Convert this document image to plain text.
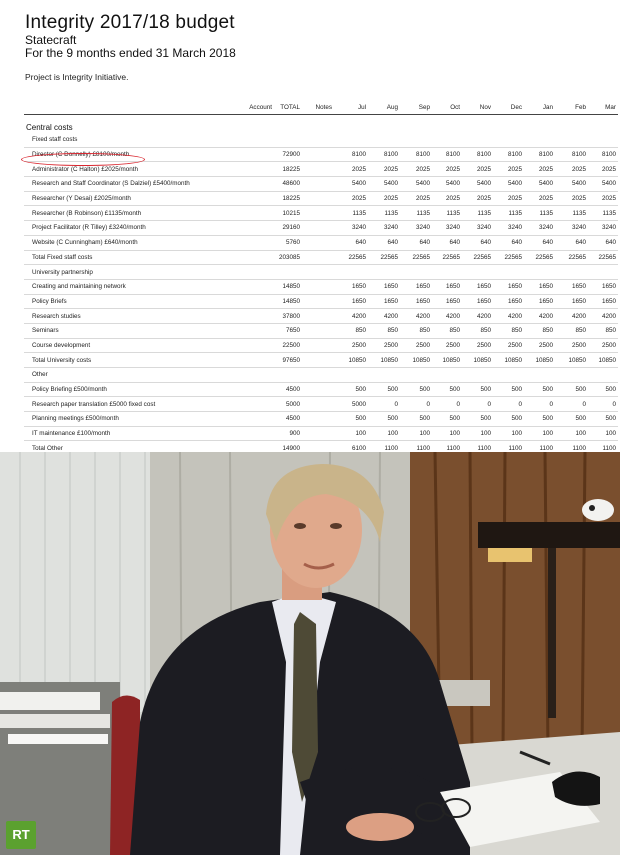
Integrity 2017/18 budget
Statecraft
For the 9 months ended 31 March 2018
Project is Integrity Initiative.
	Account	TOTAL	Notes	Jul	Aug	Sep	Oct	Nov	Dec	Jan	Feb	Mar
Central costs												
Fixed staff costs												
Director (C Donnelly) £8100/month		72900		8100	8100	8100	8100	8100	8100	8100	8100	8100
Administrator (C Halton) £2025/month		18225		2025	2025	2025	2025	2025	2025	2025	2025	2025
Research and Staff Coordinator (S Dalziel) £5400/month		48600		5400	5400	5400	5400	5400	5400	5400	5400	5400
Researcher (Y Desai) £2025/month		18225		2025	2025	2025	2025	2025	2025	2025	2025	2025
Researcher (B Robinson) £1135/month		10215		1135	1135	1135	1135	1135	1135	1135	1135	1135
Project Facilitator (R Tilley) £3240/month		29160		3240	3240	3240	3240	3240	3240	3240	3240	3240
Website (C Cunningham) £640/month		5760		640	640	640	640	640	640	640	640	640
Total Fixed staff costs		203085		22565	22565	22565	22565	22565	22565	22565	22565	22565
University partnership												
Creating and maintaining network		14850		1650	1650	1650	1650	1650	1650	1650	1650	1650
Policy Briefs		14850		1650	1650	1650	1650	1650	1650	1650	1650	1650
Research studies		37800		4200	4200	4200	4200	4200	4200	4200	4200	4200
Seminars		7650		850	850	850	850	850	850	850	850	850
Course development		22500		2500	2500	2500	2500	2500	2500	2500	2500	2500
Total University costs		97650		10850	10850	10850	10850	10850	10850	10850	10850	10850
Other												
Policy Briefing £500/month		4500		500	500	500	500	500	500	500	500	500
Research paper translation £5000 fixed cost		5000		5000	0	0	0	0	0	0	0	0
Planning meetings £500/month		4500		500	500	500	500	500	500	500	500	500
IT maintenance £100/month		900		100	100	100	100	100	100	100	100	100
Total Other		14900		6100	1100	1100	1100	1100	1100	1100	1100	1100

RT
